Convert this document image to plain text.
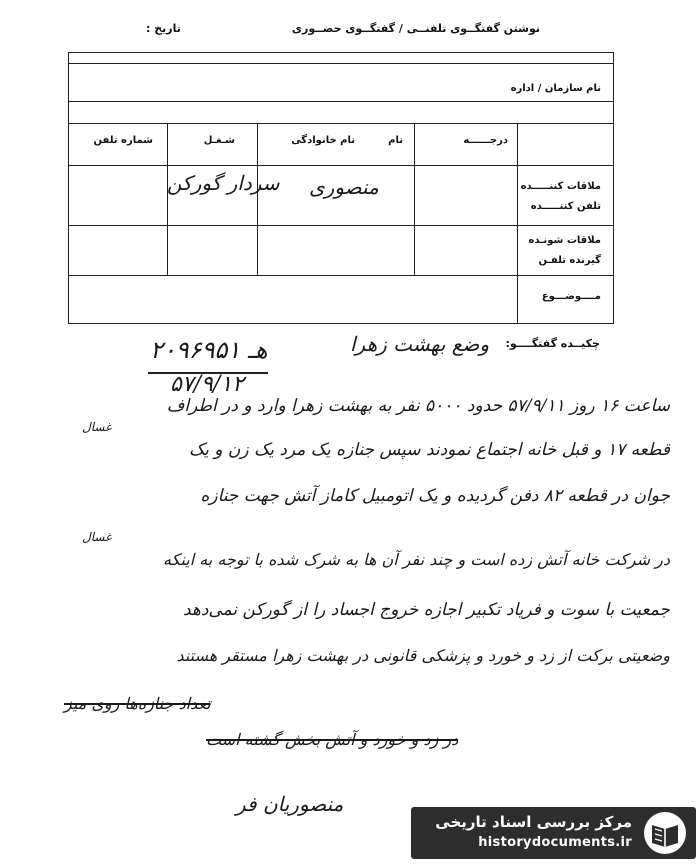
نوشتن گفتگــوی تلفنــی / گفتگــوی حضــوری
تاریخ :
نام سازمان / اداره
درجــــــه
نام
نام خانوادگی
شـغـل
شماره تلفن
ملاقات کننـــــده
تلفن کننـــــده
ملاقات شونـده
گیرنده تلفـن
مــــوضـــوع
منصوری
سردار گورکن
چکیــده گفتگــــو:
وضع بهشت زهرا
۲۰۹۶۹۵۱ هـ
۵۷/۹/۱۲
ساعت ۱۶ روز ۵۷/۹/۱۱ حدود ۵۰۰۰ نفر به بهشت زهرا وارد و در اطراف
غسال
قطعه ۱۷ و قبل خانه اجتماع نمودند سپس جنازه یک مرد یک زن و یک
جوان در قطعه ۸۲ دفن گردیده و یک اتومبیل کاماز آتش جهت جنازه
غسال
در شرکت خانه آتش زده است و چند نفر آن ها به شرک شده با توجه به اینکه
جمعیت با سوت و فریاد تکبیر اجازه خروج اجساد را از گورکن نمی‌دهد
وضعیتی برکت از زد و خورد و پزشکی قانونی در بهشت زهرا مستقر هستند
تعداد جنازه‌ها روی میز
در زد و خورد و آتش بخش گشته است
منصوریان فر
مرکز بررسی اسناد تاریخی
historydocuments.ir
